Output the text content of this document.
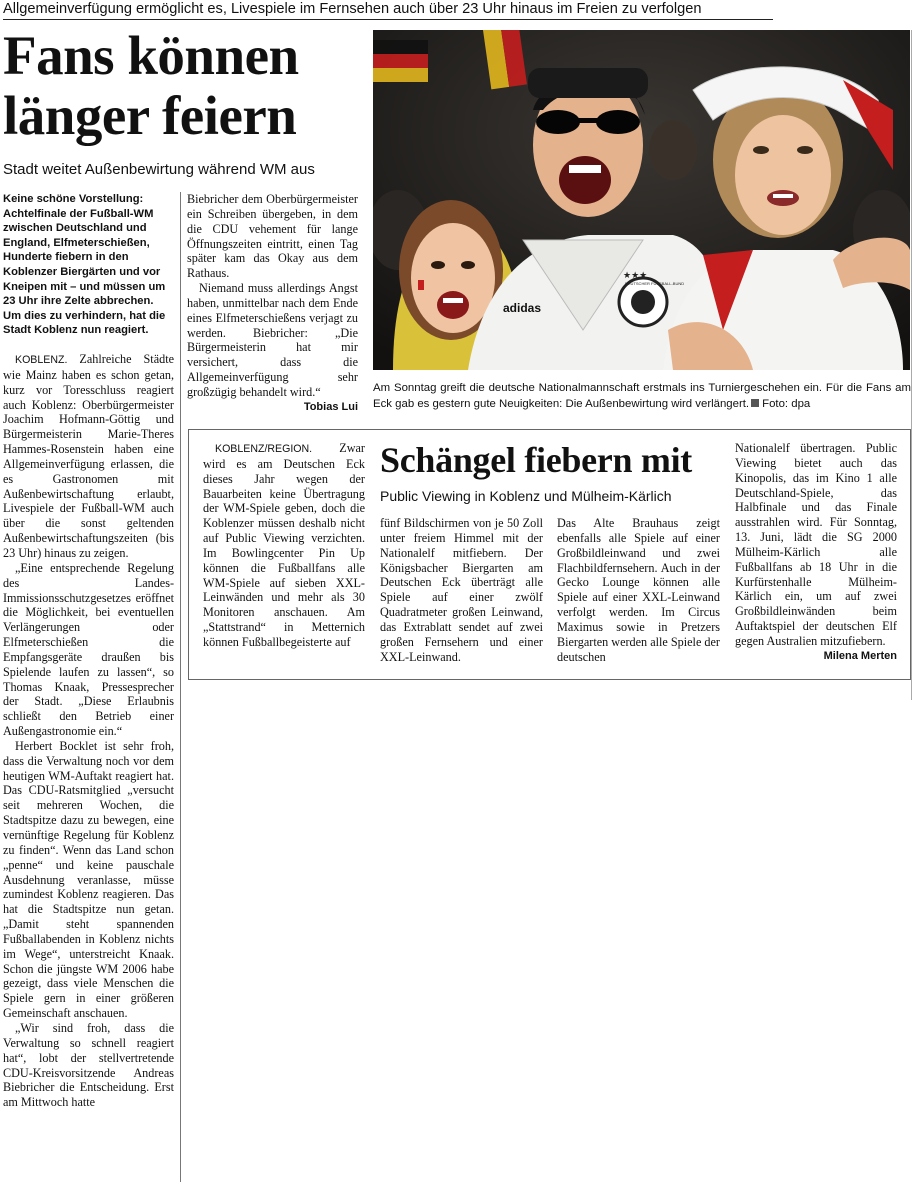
Allgemeinverfügung ermöglicht es, Livespiele im Fernsehen auch über 23 Uhr hinaus im Freien zu verfolgen
Fans können
länger feiern
Stadt weitet Außenbewirtung während WM aus
Keine schöne Vorstellung: Achtelfinale der Fußball-WM zwischen Deutschland und England, Elfmeterschießen, Hunderte fiebern in den Koblenzer Biergärten und vor Kneipen mit – und müssen um 23 Uhr ihre Zelte abbrechen. Um dies zu verhindern, hat die Stadt Koblenz nun reagiert.

KOBLENZ. Zahlreiche Städte wie Mainz haben es schon getan, kurz vor Toresschluss reagiert auch Koblenz: Oberbürgermeister Joachim Hofmann-Göttig und Bürgermeisterin Marie-Theres Hammes-Rosenstein haben eine Allgemeinverfügung erlassen, die es Gastronomen mit Außenbewirtschaftung erlaubt, Livespiele der Fußball-WM auch über die sonst geltenden Außenbewirtschaftungszeiten (bis 23 Uhr) hinaus zu zeigen.

„Eine entsprechende Regelung des Landes-Immissionsschutzgesetzes eröffnet die Möglichkeit, bei eventuellen Verlängerungen oder Elfmeterschießen die Empfangsgeräte draußen bis Spielende laufen zu lassen“, so Thomas Knaak, Pressesprecher der Stadt. „Diese Erlaubnis schließt den Betrieb einer Außengastronomie ein.“

Herbert Bocklet ist sehr froh, dass die Verwaltung noch vor dem heutigen WM-Auftakt reagiert hat. Das CDU-Ratsmitglied „versucht seit mehreren Wochen, die Stadtspitze dazu zu bewegen, eine vernünftige Regelung für Koblenz zu finden“. Wenn das Land schon „penne“ und keine pauschale Ausdehnung veranlasse, müsse zumindest Koblenz reagieren. Das hat die Stadtspitze nun getan. „Damit steht spannenden Fußballabenden in Koblenz nichts im Wege“, unterstreicht Knaak. Schon die jüngste WM 2006 habe gezeigt, dass viele Menschen die Spiele gern in einer größeren Gemeinschaft anschauen.

„Wir sind froh, dass die Verwaltung so schnell reagiert hat“, lobt der stellvertretende CDU-Kreisvorsitzende Andreas Biebricher die Entscheidung. Erst am Mittwoch hatte

Biebricher dem Oberbürgermeister ein Schreiben übergeben, in dem die CDU vehement für lange Öffnungszeiten eintritt, einen Tag später kam das Okay aus dem Rathaus.

Niemand muss allerdings Angst haben, unmittelbar nach dem Ende eines Elfmeterschießens verjagt zu werden. Biebricher: „Die Bürgermeisterin hat mir versichert, dass die Allgemeinverfügung sehr großzügig behandelt wird.“
Tobias Lui

adidas
DEUTSCHER FUSSBALL-BUND
★★★
Am Sonntag greift die deutsche Nationalmannschaft erstmals ins Turniergeschehen ein. Für die Fans am Eck gab es gestern gute Neuigkeiten: Die Außenbewirtung wird verlängert. Foto: dpa

KOBLENZ/REGION. Zwar wird es am Deutschen Eck dieses Jahr wegen der Bauarbeiten keine Übertragung der WM-Spiele geben, doch die Koblenzer müssen deshalb nicht auf Public Viewing verzichten. Im Bowlingcenter Pin Up können die Fußballfans alle WM-Spiele auf sieben XXL-Leinwänden und mehr als 30 Monitoren anschauen. Am „Stattstrand“ in Metternich können Fußballbegeisterte auf

Schängel fiebern mit
Public Viewing in Koblenz und Mülheim-Kärlich

fünf Bildschirmen von je 50 Zoll unter freiem Himmel mit der Nationalelf mitfiebern. Der Königsbacher Biergarten am Deutschen Eck überträgt alle Spiele auf einer zwölf Quadratmeter großen Leinwand, das Extrablatt sendet auf zwei großen Fernsehern und einer XXL-Leinwand.

Das Alte Brauhaus zeigt ebenfalls alle Spiele auf einer Großbildleinwand und zwei Flachbildfernsehern. Auch in der Gecko Lounge können alle Spiele auf einer XXL-Leinwand verfolgt werden. Im Circus Maximus sowie in Pretzers Biergarten werden alle Spiele der deutschen

Nationalelf übertragen. Public Viewing bietet auch das Kinopolis, das im Kino 1 alle Deutschland-Spiele, das Halbfinale und das Finale ausstrahlen wird. Für Sonntag, 13. Juni, lädt die SG 2000 Mülheim-Kärlich alle Fußballfans ab 18 Uhr in die Kurfürstenhalle Mülheim-Kärlich ein, um auf zwei Großbildleinwänden beim Auftaktspiel der deutschen Elf gegen Australien mitzufiebern.
Milena Merten
